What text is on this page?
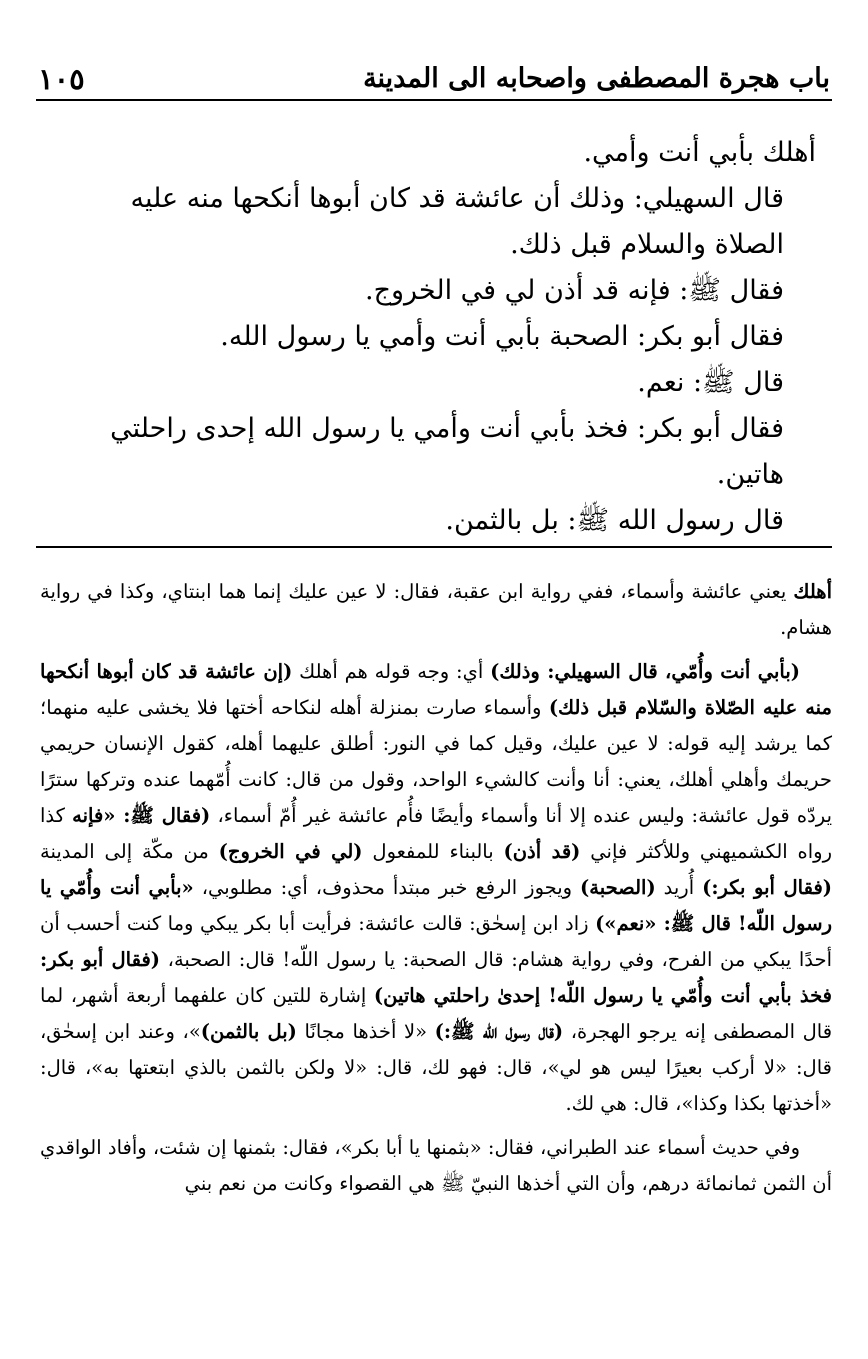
باب هجرة المصطفى واصحابه الى المدينة
١٠٥

أهلك بأبي أنت وأمي.

قال السهيلي: وذلك أن عائشة قد كان أبوها أنكحها منه عليه الصلاة والسلام قبل ذلك.

فقال ﷺ: فإنه قد أذن لي في الخروج.

فقال أبو بكر: الصحبة بأبي أنت وأمي يا رسول الله.

قال ﷺ: نعم.

فقال أبو بكر: فخذ بأبي أنت وأمي يا رسول الله إحدى راحلتي هاتين.

قال رسول الله ﷺ: بل بالثمن.

أهلك يعني عائشة وأسماء، ففي رواية ابن عقبة، فقال: لا عين عليك إنما هما ابنتاي، وكذا في رواية هشام.

(بأبي أنت وأُمّي، قال السهيلي: وذلك) أي: وجه قوله هم أهلك (إن عائشة قد كان أبوها أنكحها منه عليه الصّلاة والسّلام قبل ذلك) وأسماء صارت بمنزلة أهله لنكاحه أختها فلا يخشى عليه منهما؛ كما يرشد إليه قوله: لا عين عليك، وقيل كما في النور: أطلق عليهما أهله، كقول الإنسان حريمي حريمك وأهلي أهلك، يعني: أنا وأنت كالشيء الواحد، وقول من قال: كانت أُمّهما عنده وتركها سترًا يردّه قول عائشة: وليس عنده إلا أنا وأسماء وأيضًا فأُم عائشة غير أُمّ أسماء، (فقال ﷺ: «فإنه كذا رواه الكشميهني وللأكثر فإني (قد أذن) بالبناء للمفعول (لي في الخروج) من مكّة إلى المدينة (فقال أبو بكر:) أُريد (الصحبة) ويجوز الرفع خبر مبتدأ محذوف، أي: مطلوبي، «بأبي أنت وأُمّي يا رسول اللّه! قال ﷺ: «نعم») زاد ابن إسحٰق: قالت عائشة: فرأيت أبا بكر يبكي وما كنت أحسب أن أحدًا يبكي من الفرح، وفي رواية هشام: قال الصحبة: يا رسول اللّه! قال: الصحبة، (فقال أبو بكر: فخذ بأبي أنت وأُمّي يا رسول اللّه! إحدىٰ راحلتي هاتين) إشارة للتين كان علفهما أربعة أشهر، لما قال المصطفى إنه يرجو الهجرة، (قال رسول اللّه ﷺ:) «لا أخذها مجانًا (بل بالثمن)»، وعند ابن إسحٰق، قال: «لا أركب بعيرًا ليس هو لي»، قال: فهو لك، قال: «لا ولكن بالثمن بالذي ابتعتها به»، قال: «أخذتها بكذا وكذا»، قال: هي لك.

وفي حديث أسماء عند الطبراني، فقال: «بثمنها يا أبا بكر»، فقال: بثمنها إن شئت، وأفاد الواقدي أن الثمن ثمانمائة درهم، وأن التي أخذها النبيّ ﷺ هي القصواء وكانت من نعم بني
